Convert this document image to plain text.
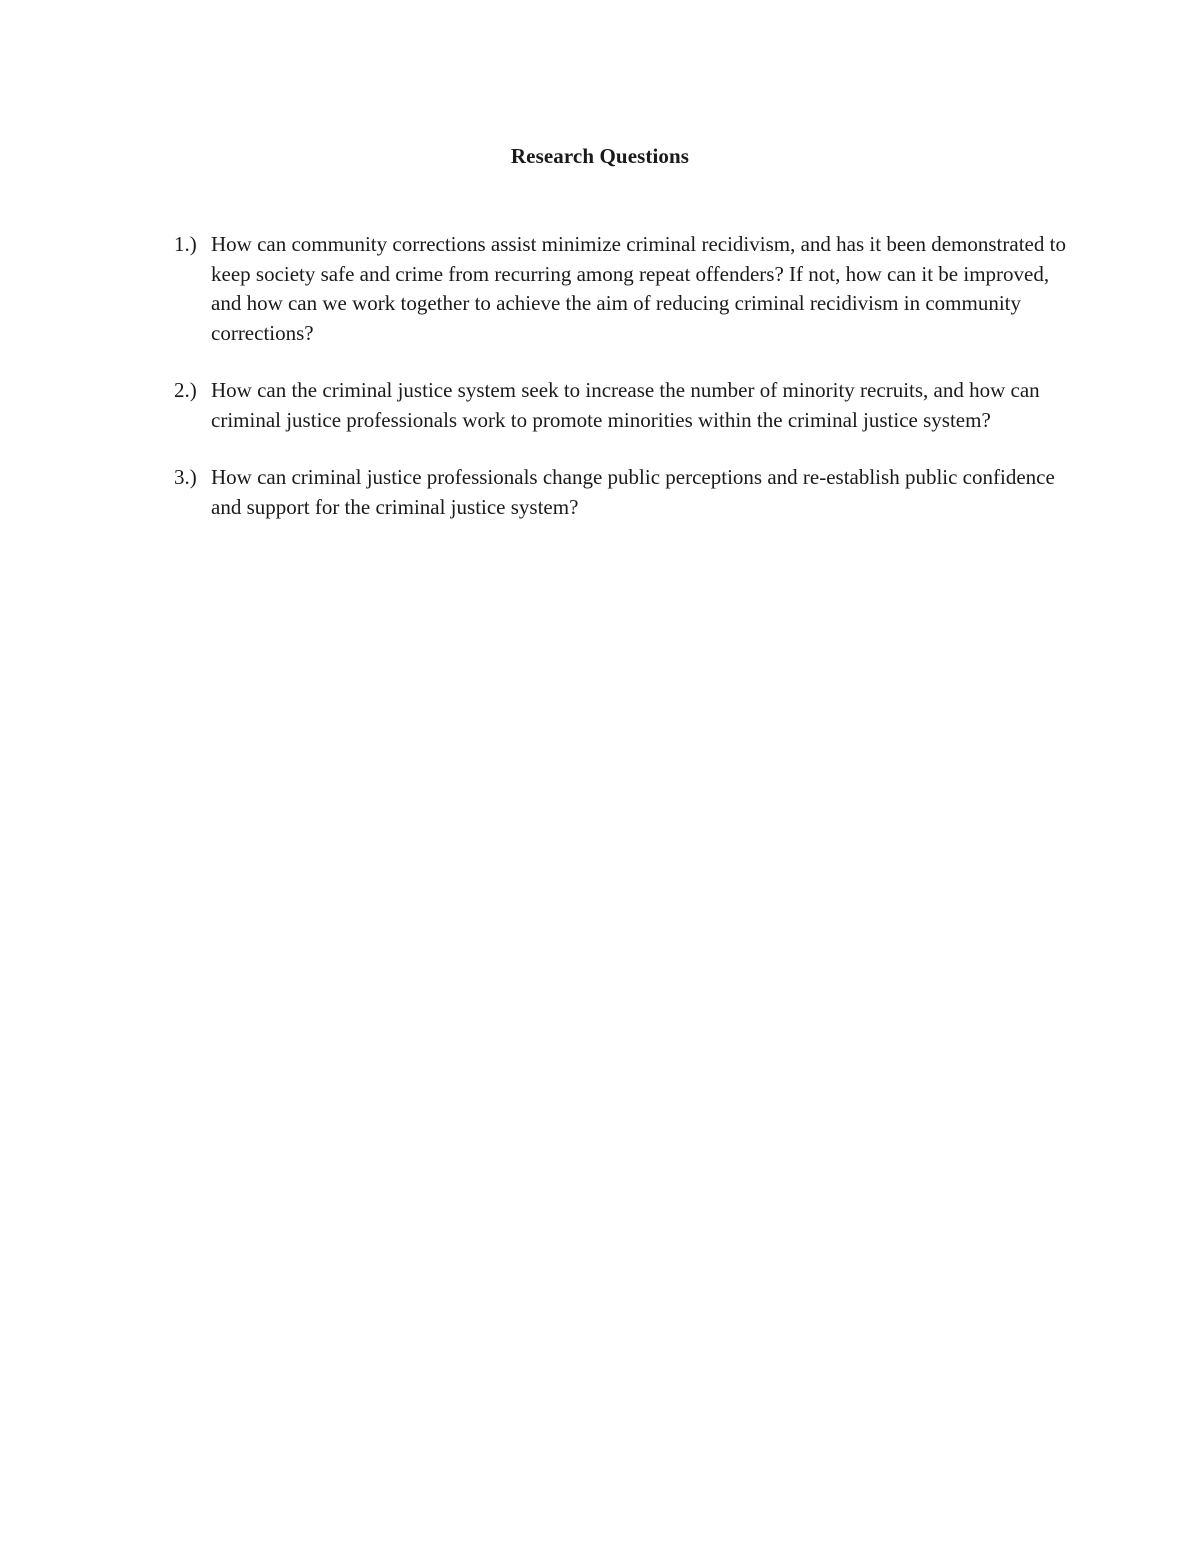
Research Questions
1.) How can community corrections assist minimize criminal recidivism, and has it been demonstrated to keep society safe and crime from recurring among repeat offenders? If not, how can it be improved, and how can we work together to achieve the aim of reducing criminal recidivism in community corrections?
2.) How can the criminal justice system seek to increase the number of minority recruits, and how can criminal justice professionals work to promote minorities within the criminal justice system?
3.) How can criminal justice professionals change public perceptions and re-establish public confidence and support for the criminal justice system?
